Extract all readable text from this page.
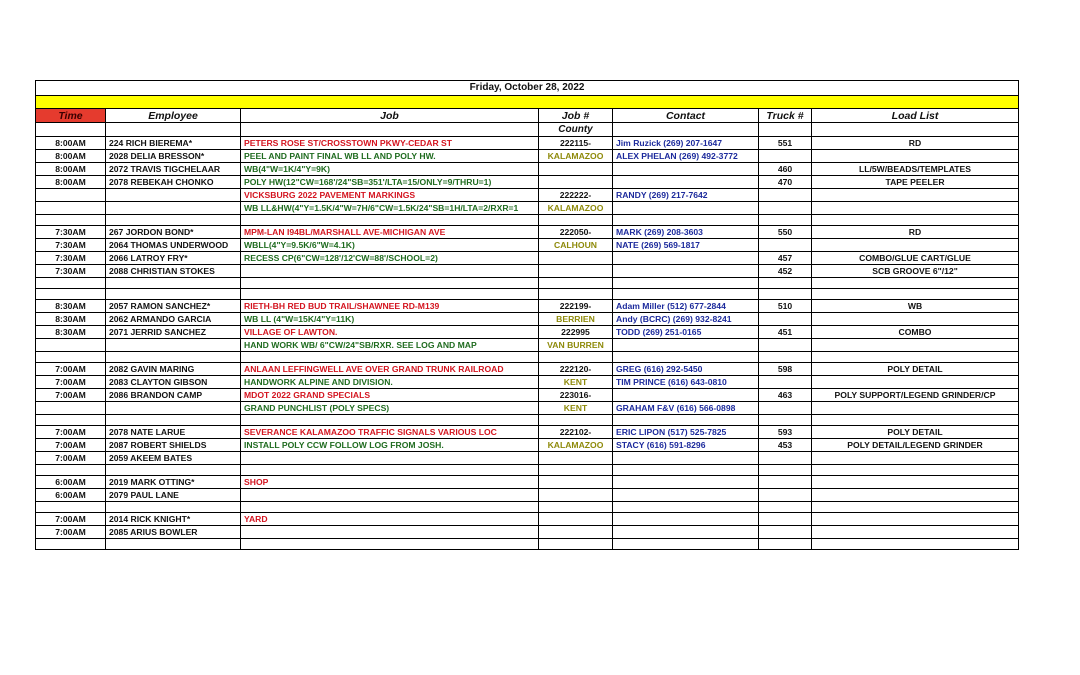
Friday, October 28, 2022						

Time	Employee	Job	Job #	Contact	Truck #	Load List
			County			
8:00AM	224 RICH BIEREMA*	PETERS ROSE ST/CROSSTOWN PKWY-CEDAR ST	222115-	Jim Ruzick (269) 207-1647	551	RD
8:00AM	2028 DELIA BRESSON*	PEEL AND PAINT FINAL WB LL AND POLY HW.	KALAMAZOO	ALEX PHELAN (269) 492-3772		
8:00AM	2072 TRAVIS TIGCHELAAR	WB(4"W=1K/4"Y=9K)			460	LL/5W/BEADS/TEMPLATES
8:00AM	2078 REBEKAH CHONKO	POLY HW(12"CW=168'/24"SB=351'/LTA=15/ONLY=9/THRU=1)			470	TAPE PEELER
		VICKSBURG 2022 PAVEMENT MARKINGS	222222-	RANDY (269) 217-7642		
		WB LL&HW(4"Y=1.5K/4"W=7H/6"CW=1.5K/24"SB=1H/LTA=2/RXR=1	KALAMAZOO			

7:30AM	267 JORDON BOND*	MPM-LAN I94BL/MARSHALL AVE-MICHIGAN AVE	222050-	MARK (269) 208-3603	550	RD
7:30AM	2064 THOMAS UNDERWOOD	WBLL(4"Y=9.5K/6"W=4.1K)	CALHOUN	NATE (269) 569-1817		
7:30AM	2066 LATROY FRY*	RECESS CP(6"CW=128'/12'CW=88'/SCHOOL=2)			457	COMBO/GLUE CART/GLUE
7:30AM	2088 CHRISTIAN STOKES				452	SCB GROOVE 6"/12"

8:30AM	2057 RAMON SANCHEZ*	RIETH-BH RED BUD TRAIL/SHAWNEE RD-M139	222199-	Adam Miller (512) 677-2844	510	WB
8:30AM	2062 ARMANDO GARCIA	WB LL (4"W=15K/4"Y=11K)	BERRIEN	Andy (BCRC) (269) 932-8241		
8:30AM	2071 JERRID SANCHEZ	VILLAGE OF LAWTON.	222995	TODD (269) 251-0165	451	COMBO
		HAND WORK WB/ 6"CW/24"SB/RXR. SEE LOG AND MAP	VAN BURREN			

7:00AM	2082 GAVIN MARING	ANLAAN LEFFINGWELL AVE OVER GRAND TRUNK RAILROAD	222120-	GREG (616) 292-5450	598	POLY DETAIL
7:00AM	2083 CLAYTON GIBSON	HANDWORK ALPINE AND DIVISION.	KENT	TIM PRINCE (616) 643-0810		
7:00AM	2086 BRANDON CAMP	MDOT 2022 GRAND SPECIALS	223016-		463	POLY SUPPORT/LEGEND GRINDER/CP
		GRAND PUNCHLIST (POLY SPECS)	KENT	GRAHAM F&V (616) 566-0898		

7:00AM	2078 NATE LARUE	SEVERANCE KALAMAZOO TRAFFIC SIGNALS VARIOUS LOC	222102-	ERIC LIPON (517) 525-7825	593	POLY DETAIL
7:00AM	2087 ROBERT SHIELDS	INSTALL POLY CCW FOLLOW LOG FROM JOSH.	KALAMAZOO	STACY (616) 591-8296	453	POLY DETAIL/LEGEND GRINDER
7:00AM	2059 AKEEM BATES					

6:00AM	2019 MARK OTTING*	SHOP				
6:00AM	2079 PAUL LANE					

7:00AM	2014 RICK KNIGHT*	YARD				
7:00AM	2085 ARIUS BOWLER					
